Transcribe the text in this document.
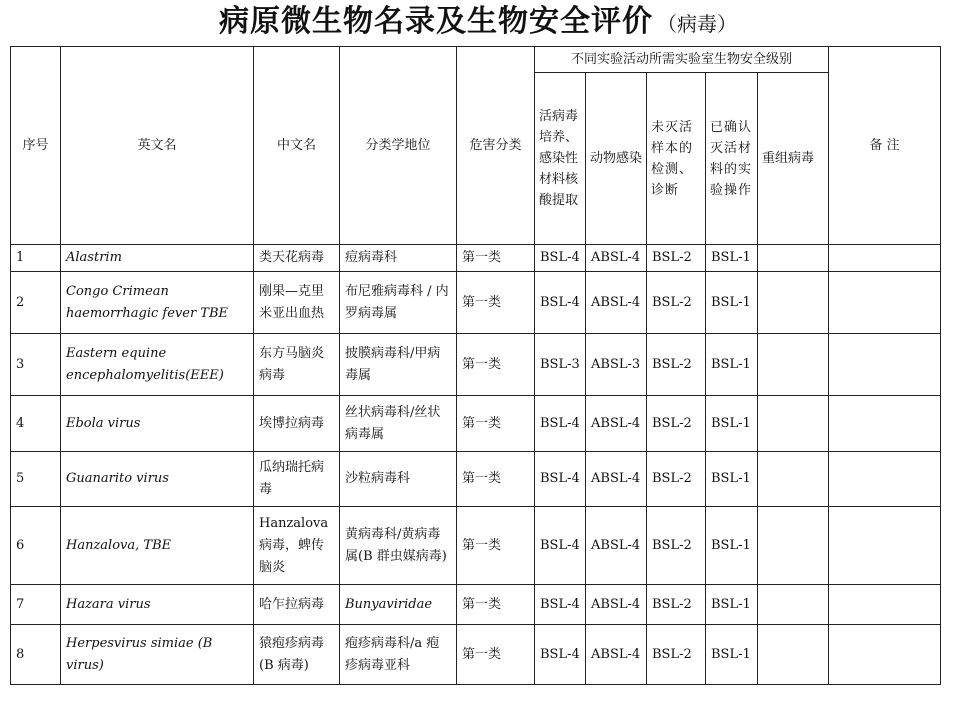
病原微生物名录及生物安全评价 （病毒）
序号	英文名	中文名	分类学地位	危害分类	不同实验活动所需实验室生物安全级别					备 注
					活病毒培养、感染性材料核酸提取	动物感染	未灭活样本的检测、诊断	已确认灭活材料的实验操作	重组病毒	
1	Alastrim	类天花病毒	痘病毒科	第一类	BSL-4	ABSL-4	BSL-2	BSL-1		
2	Congo Crimean haemorrhagic fever TBE	刚果—克里米亚出血热	布尼雅病毒科 / 内罗病毒属	第一类	BSL-4	ABSL-4	BSL-2	BSL-1		
3	Eastern equine encephalomyelitis(EEE)	东方马脑炎病毒	披膜病毒科/甲病毒属	第一类	BSL-3	ABSL-3	BSL-2	BSL-1		
4	Ebola virus	埃博拉病毒	丝状病毒科/丝状病毒属	第一类	BSL-4	ABSL-4	BSL-2	BSL-1		
5	Guanarito virus	瓜纳瑞托病毒	沙粒病毒科	第一类	BSL-4	ABSL-4	BSL-2	BSL-1		
6	Hanzalova, TBE	Hanzalova病毒，蜱传脑炎	黄病毒科/黄病毒属(B 群虫媒病毒)	第一类	BSL-4	ABSL-4	BSL-2	BSL-1		
7	Hazara virus	哈乍拉病毒	Bunyaviridae	第一类	BSL-4	ABSL-4	BSL-2	BSL-1		
8	Herpesvirus simiae (B virus)	猿疱疹病毒(B 病毒)	疱疹病毒科/a 疱疹病毒亚科	第一类	BSL-4	ABSL-4	BSL-2	BSL-1		
